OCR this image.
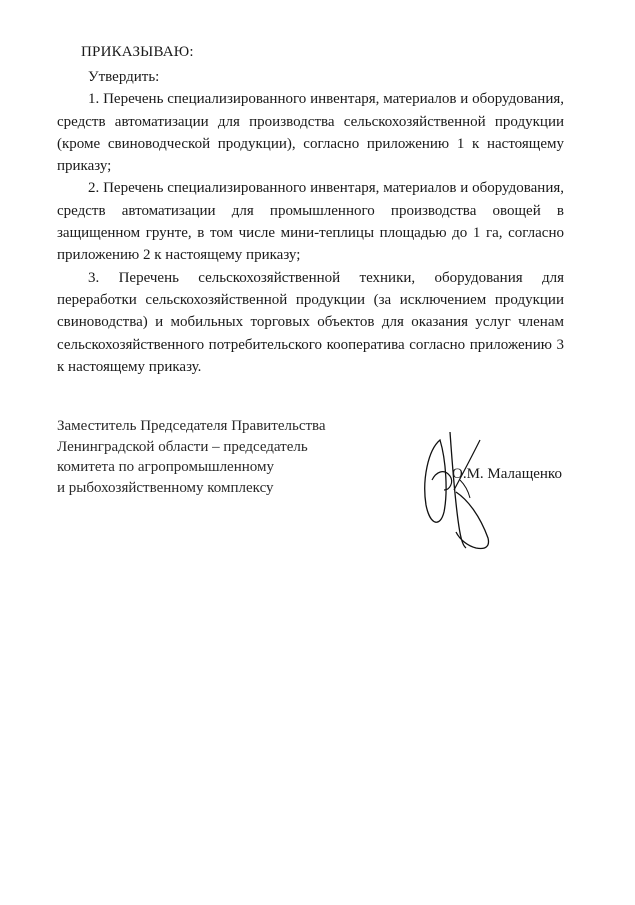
ПРИКАЗЫВАЮ:

Утвердить:

1. Перечень специализированного инвентаря, материалов и оборудования, средств автоматизации для производства сельскохозяйственной продукции (кроме свиноводческой продукции), согласно приложению 1 к настоящему приказу;

2. Перечень специализированного инвентаря, материалов и оборудования, средств автоматизации для промышленного производства овощей в защищенном грунте, в том числе мини-теплицы площадью до 1 га, согласно приложению 2 к настоящему приказу;

3. Перечень сельскохозяйственной техники, оборудования для переработки сельскохозяйственной продукции (за исключением продукции свиноводства) и мобильных торговых объектов для оказания услуг членам сельскохозяйственного потребительского кооператива согласно приложению 3 к настоящему приказу.

Заместитель Председателя Правительства
Ленинградской области – председатель
комитета по агропромышленному
и рыбохозяйственному комплексу
О.М. Малащенко
